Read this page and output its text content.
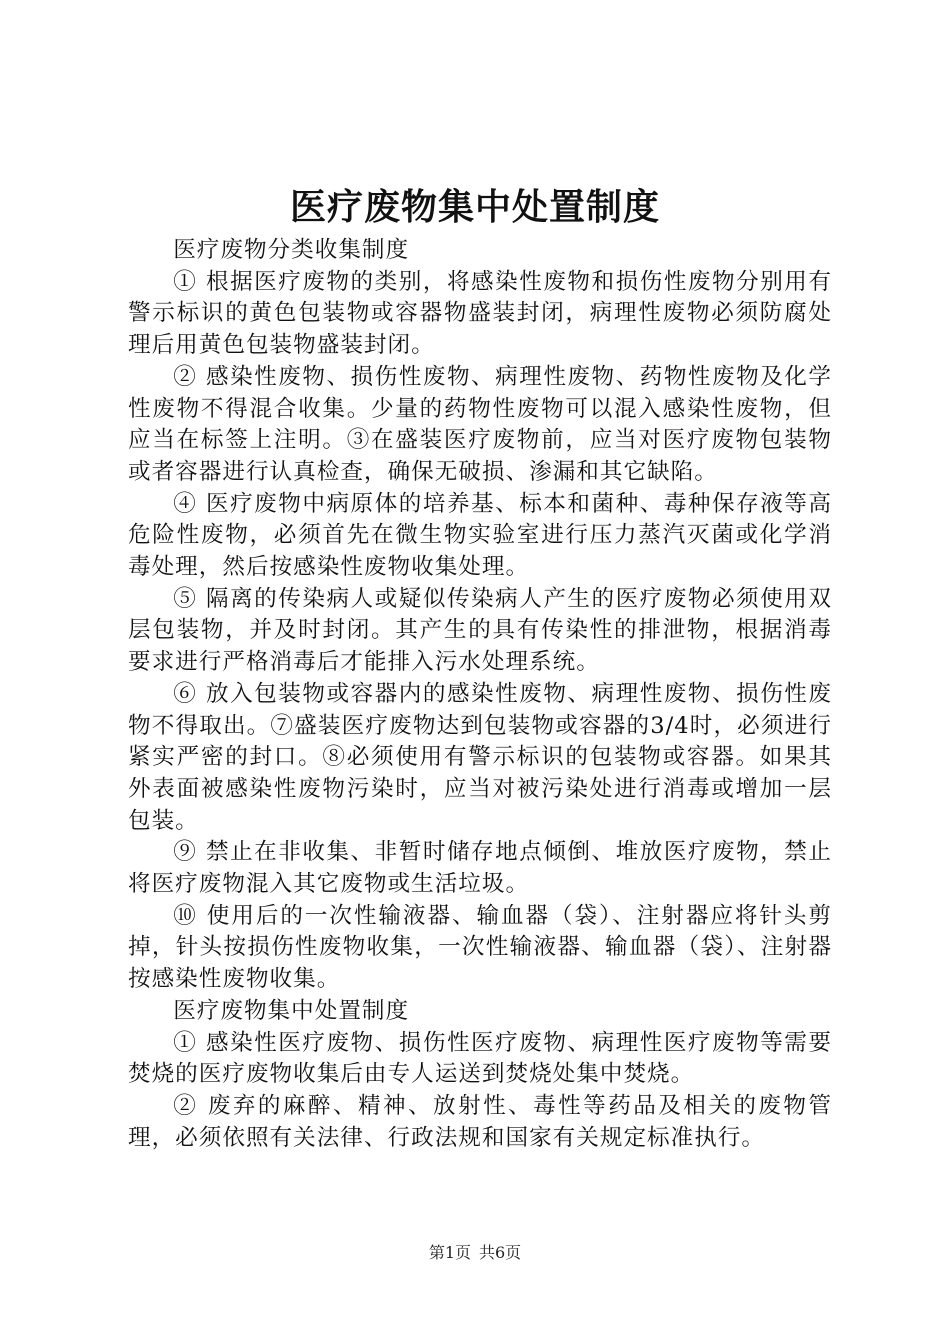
医疗废物集中处置制度

医疗废物分类收集制度

① 根据医疗废物的类别，将感染性废物和损伤性废物分别用有警示标识的黄色包装物或容器物盛装封闭，病理性废物必须防腐处理后用黄色包装物盛装封闭。

② 感染性废物、损伤性废物、病理性废物、药物性废物及化学性废物不得混合收集。少量的药物性废物可以混入感染性废物，但应当在标签上注明。③在盛装医疗废物前，应当对医疗废物包装物或者容器进行认真检查，确保无破损、渗漏和其它缺陷。

④ 医疗废物中病原体的培养基、标本和菌种、毒种保存液等高危险性废物，必须首先在微生物实验室进行压力蒸汽灭菌或化学消毒处理，然后按感染性废物收集处理。

⑤ 隔离的传染病人或疑似传染病人产生的医疗废物必须使用双层包装物，并及时封闭。其产生的具有传染性的排泄物，根据消毒要求进行严格消毒后才能排入污水处理系统。

⑥ 放入包装物或容器内的感染性废物、病理性废物、损伤性废物不得取出。⑦盛装医疗废物达到包装物或容器的3/4时，必须进行紧实严密的封口。⑧必须使用有警示标识的包装物或容器。如果其外表面被感染性废物污染时，应当对被污染处进行消毒或增加一层包装。

⑨ 禁止在非收集、非暂时储存地点倾倒、堆放医疗废物，禁止将医疗废物混入其它废物或生活垃圾。

⑩ 使用后的一次性输液器、输血器（袋）、注射器应将针头剪掉，针头按损伤性废物收集，一次性输液器、输血器（袋）、注射器按感染性废物收集。

医疗废物集中处置制度

① 感染性医疗废物、损伤性医疗废物、病理性医疗废物等需要焚烧的医疗废物收集后由专人运送到焚烧处集中焚烧。

② 废弃的麻醉、精神、放射性、毒性等药品及相关的废物管理，必须依照有关法律、行政法规和国家有关规定标准执行。

第1页 共6页
